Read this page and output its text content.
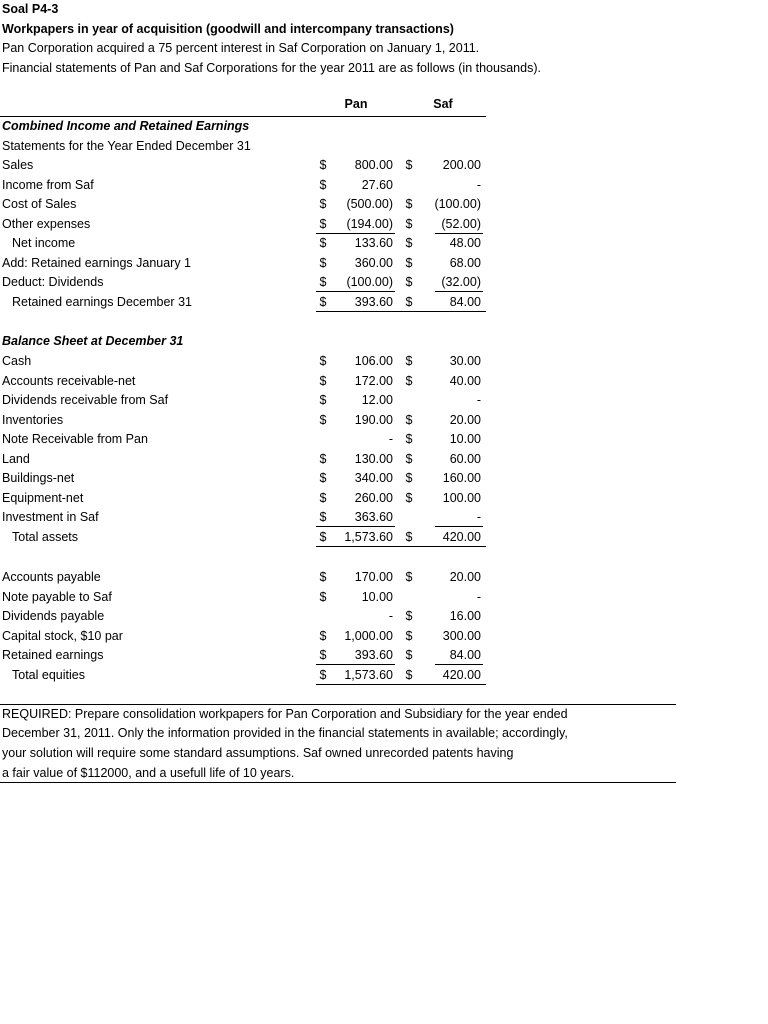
Soal P4-3
Workpapers in year of acquisition (goodwill and intercompany transactions)
Pan Corporation acquired a 75 percent interest in Saf Corporation on January 1, 2011.
Financial statements of Pan and Saf Corporations for the year 2011 are as follows (in thousands).
Pan	Saf
Combined Income and Retained Earnings
Statements for the Year Ended December 31
Sales	$	800.00 $	200.00
Income from Saf	$	27.60	-
Cost of Sales	$	(500.00) $	(100.00)
Other expenses	$	(194.00) $	(52.00)
Net income	$	133.60 $	48.00
Add: Retained earnings January 1	$	360.00 $	68.00
Deduct: Dividends	$	(100.00) $	(32.00)
Retained earnings December 31	$	393.60 $	84.00
Balance Sheet at December 31
Cash	$	106.00 $	30.00
Accounts receivable-net	$	172.00 $	40.00
Dividends receivable from Saf	$	12.00	-
Inventories	$	190.00 $	20.00
Note Receivable from Pan	- $	10.00
Land	$	130.00 $	60.00
Buildings-net	$	340.00 $	160.00
Equipment-net	$	260.00 $	100.00
Investment in Saf	$	363.60	-
Total assets	$	1,573.60 $	420.00
Accounts payable	$	170.00 $	20.00
Note payable to Saf	$	10.00	-
Dividends payable	- $	16.00
Capital stock, $10 par	$	1,000.00 $	300.00
Retained earnings	$	393.60 $	84.00
Total equities	$	1,573.60 $	420.00
REQUIRED: Prepare consolidation workpapers for Pan Corporation and Subsidiary for the year ended
December 31, 2011. Only the information provided in the financial statements in available; accordingly,
your solution will require some standard assumptions. Saf owned unrecorded patents having
a fair value of $112000, and a usefull life of 10 years.
